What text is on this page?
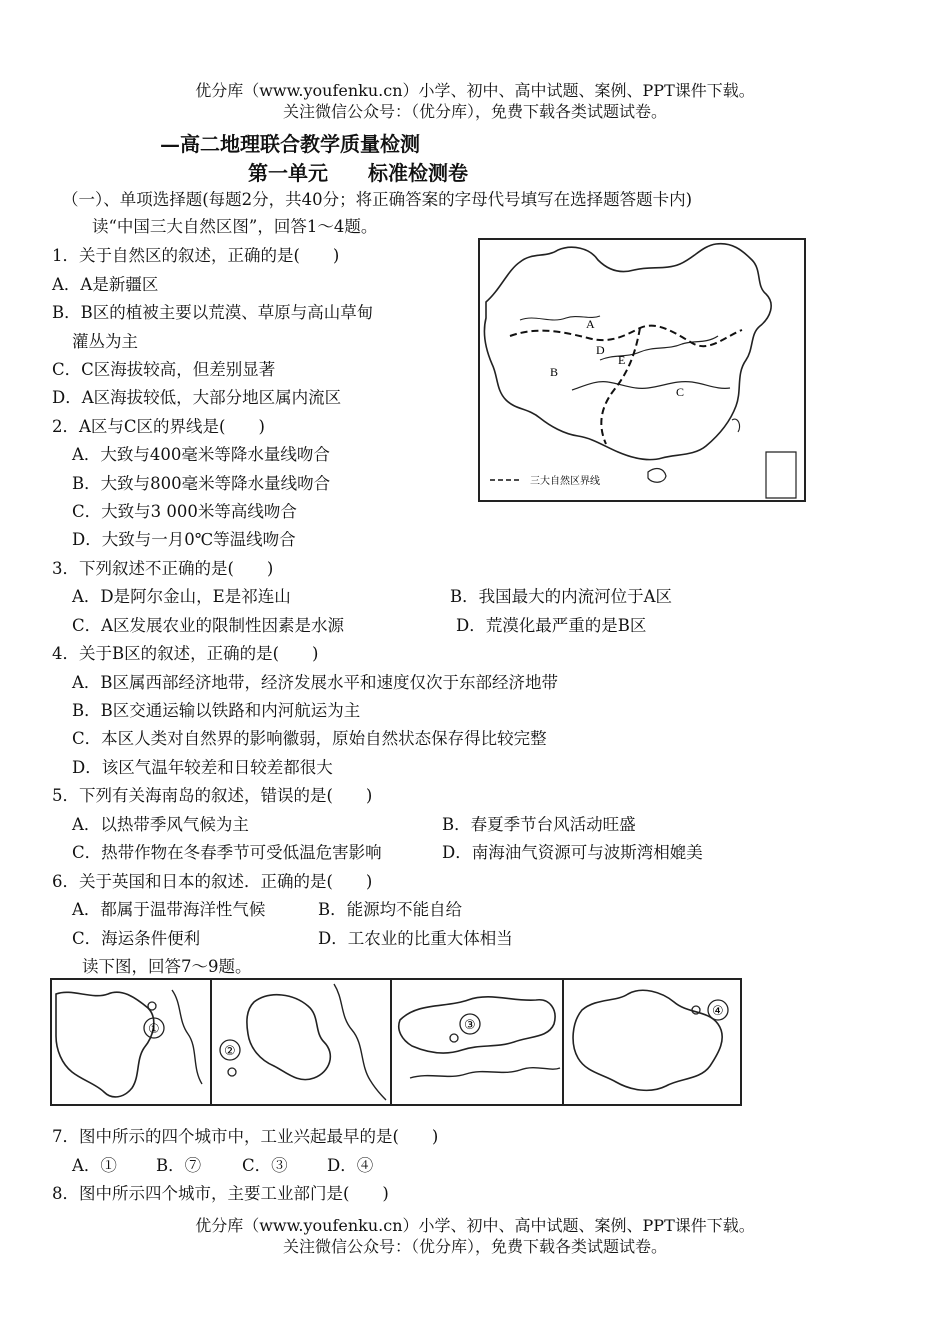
优分库（www.youfenku.cn）小学、初中、高中试题、案例、PPT课件下载。
关注微信公众号：（优分库），免费下载各类试题试卷。
—高二地理联合教学质量检测
第一单元　　标准检测卷
（一）、单项选择题(每题2分，共40分；将正确答案的字母代号填写在选择题答题卡内)
读“中国三大自然区图”，回答1～4题。
1．关于自然区的叙述，正确的是(　　)
A．A是新疆区
B．B区的植被主要以荒漠、草原与高山草甸
灌丛为主
C．C区海拔较高，但差别显著
D．A区海拔较低，大部分地区属内流区
2．A区与C区的界线是(　　)
A．大致与400毫米等降水量线吻合
B．大致与800毫米等降水量线吻合
C．大致与3 000米等高线吻合
D．大致与一月0℃等温线吻合
三大自然区界线
A
B
C
D
E
3．下列叙述不正确的是(　　)
A．D是阿尔金山，E是祁连山	B．我国最大的内流河位于A区
C．A区发展农业的限制性因素是水源	D．荒漠化最严重的是B区
4．关于B区的叙述，正确的是(　　)
A．B区属西部经济地带，经济发展水平和速度仅次于东部经济地带
B．B区交通运输以铁路和内河航运为主
C．本区人类对自然界的影响徽弱，原始自然状态保存得比较完整
D．该区气温年较差和日较差都很大
5．下列有关海南岛的叙述，错误的是(　　)
A．以热带季风气候为主	B．春夏季节台风活动旺盛
C．热带作物在冬春季节可受低温危害影响	D．南海油气资源可与波斯湾相媲美
6．关于英国和日本的叙述．正确的是(　　)
A．都属于温带海洋性气候	B．能源均不能自给
C．海运条件便利	D．工农业的比重大体相当
读下图，回答7～9题。
①
②
③
④
7．图中所示的四个城市中，工业兴起最早的是(　　)
A．① B．⑦ C．③ D．④
8．图中所示四个城市，主要工业部门是(　　)
优分库（www.youfenku.cn）小学、初中、高中试题、案例、PPT课件下载。
关注微信公众号：（优分库），免费下载各类试题试卷。
